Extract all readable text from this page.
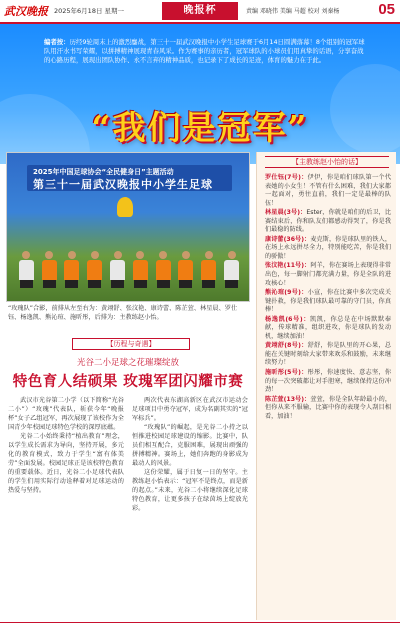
武汉晚报 2025年6月18日 星期一	晚报杯	责编 邓晓伟 美编 马超 校对 刘秦杨	05
编者按：历经9轮周末上的激烈鏖战，第三十一届武汉晚报中小学生足球赛于6月14日圆满落幕！8个组别的冠军球队用汗水书写荣耀，以拼搏精神展现青春风采。作为赛事的亲历者，冠军球队的小球员们用真挚的话语，分享奋战的心路历程，展现出团队协作、永不言弃的精神品质，也记录下了成长的足迹，体育的魅力在于此。
“我们是冠军”
2025年中国足球协会“全民健身日”主题活动
第三十一届武汉晚报中小学生足球
“玫瑰队”合影，前排从左至右为：黄翊舒、张汶艳、康诗蕾、陈芷萱、林星晨、罗仕钰、杨逸凯、熊沁瑄、施昕彤，后排为：主教练赵小怡。
【历程与奇遇】
光谷二小足球之花璀璨绽放
特色育人结硕果 玫瑰军团闪耀市赛

武汉市光谷第二小学（以下简称“光谷二小”）“玫瑰”代表队，斩获今年“晚报杯”女子乙组冠军，再次展现了该校作为全国青少年校园足球特色学校的深厚底蕴。

光谷二小始终秉持“植出教育”理念，以学生成长需求为导向，坚持开展，多元化的教育模式，致力于学生“富有体美劳”全面发展。校园足球正是该校特色教育的重要载体。近日，光谷二小足球代表队的学生们用实际行动诠释着对足球运动的热爱与坚持。

两次代表东湖高新区在武汉市运动会足球项目中勇夺冠军，成为名副其实的“冠军标兵”。

“玫瑰队”的崛起，是光谷二小持之以恒推进校园足球建设的缩影。比赛中，队员们相互配合，克服困难，展现出顽强的拼搏精神。赛场上，她们奔跑的身影成为最动人的风景。

这份荣耀，属于日复一日的坚守。主教练赵小怡表示：“冠军不是终点，而是新的起点。”未来，光谷二小将继续深化足球特色教育，让更多孩子在绿茵场上绽放光彩。

【主教练赵小怡的话】

罗仕钰(7号)：伊伊，你是咱们球队第一个代表她的小女生！不管有什么困难，我们大家都一起面对，勇往直前，我们一定是最棒的队伍！

林星晨(3号)：Ester，你就是咱们的后卫，比赛结束后，你和队友们都感动得哭了，你是我们最稳的防线。

康诗蕾(36号)：麦克斯，你是球队里的铁人，在场上永远拼尽全力，特别能吃苦，你是我们的骄傲！

张汶艳(11号)：阿羊，你在赛场上表现得非常出色，每一脚射门都充满力量，你是全队的进攻核心！

熊沁瑄(9号)：小宣，你在比赛中多次完成关键扑救，你是我们球队最可靠的守门员，你真棒！

杨逸凯(6号)：凯凯，你总是在中场默默奉献，传球精准，组织进攻，你是球队的发动机，继续加油！

黄翊舒(8号)：舒舒，你是队里的开心果，总能在关键时刻给大家带来欢乐和鼓励，未来继续努力！

施昕彤(5号)：彤彤，你速度快、意志坚，你的每一次突破都让对手胆寒，继续保持这份冲劲！

陈芷萱(13号)：萱萱，你是全队年龄最小的，但你从来不服输，比赛中你的表现令人刮目相看，加油！
